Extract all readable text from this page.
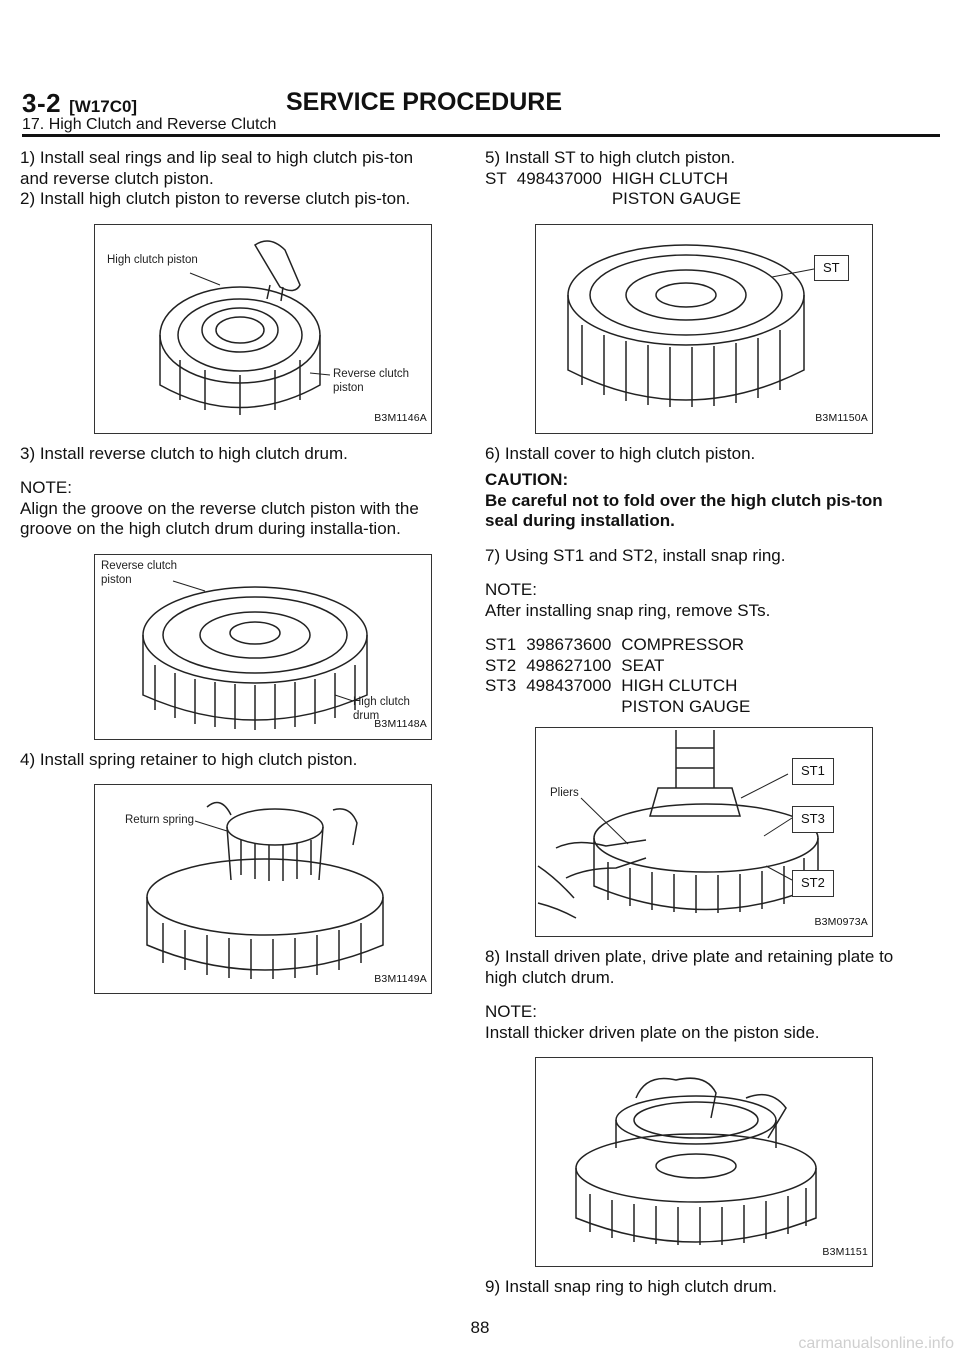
3-2 [W17C0]	SERVICE PROCEDURE
17. High Clutch and Reverse Clutch

1) Install seal rings and lip seal to high clutch pis-ton and reverse clutch piston.

2) Install high clutch piston to reverse clutch pis-ton.

High clutch piston
Reverse clutch piston
B3M1146A

3) Install reverse clutch to high clutch drum.

NOTE:

Align the groove on the reverse clutch piston with the groove on the high clutch drum during installa-tion.

Reverse clutch piston
High clutch drum
B3M1148A

4) Install spring retainer to high clutch piston.

Return spring
B3M1149A

5) Install ST to high clutch piston.

ST	498437000	HIGH CLUTCH PISTON GAUGE
ST
B3M1150A

6) Install cover to high clutch piston.

CAUTION:

Be careful not to fold over the high clutch pis-ton seal during installation.

7) Using ST1 and ST2, install snap ring.

NOTE:

After installing snap ring, remove STs.

ST1	398673600	COMPRESSOR
ST2	498627100	SEAT
ST3	498437000	HIGH CLUTCH PISTON GAUGE
Pliers
ST1
ST3
ST2
B3M0973A

8) Install driven plate, drive plate and retaining plate to high clutch drum.

NOTE:

Install thicker driven plate on the piston side.

B3M1151

9) Install snap ring to high clutch drum.

88
carmanualsonline.info
